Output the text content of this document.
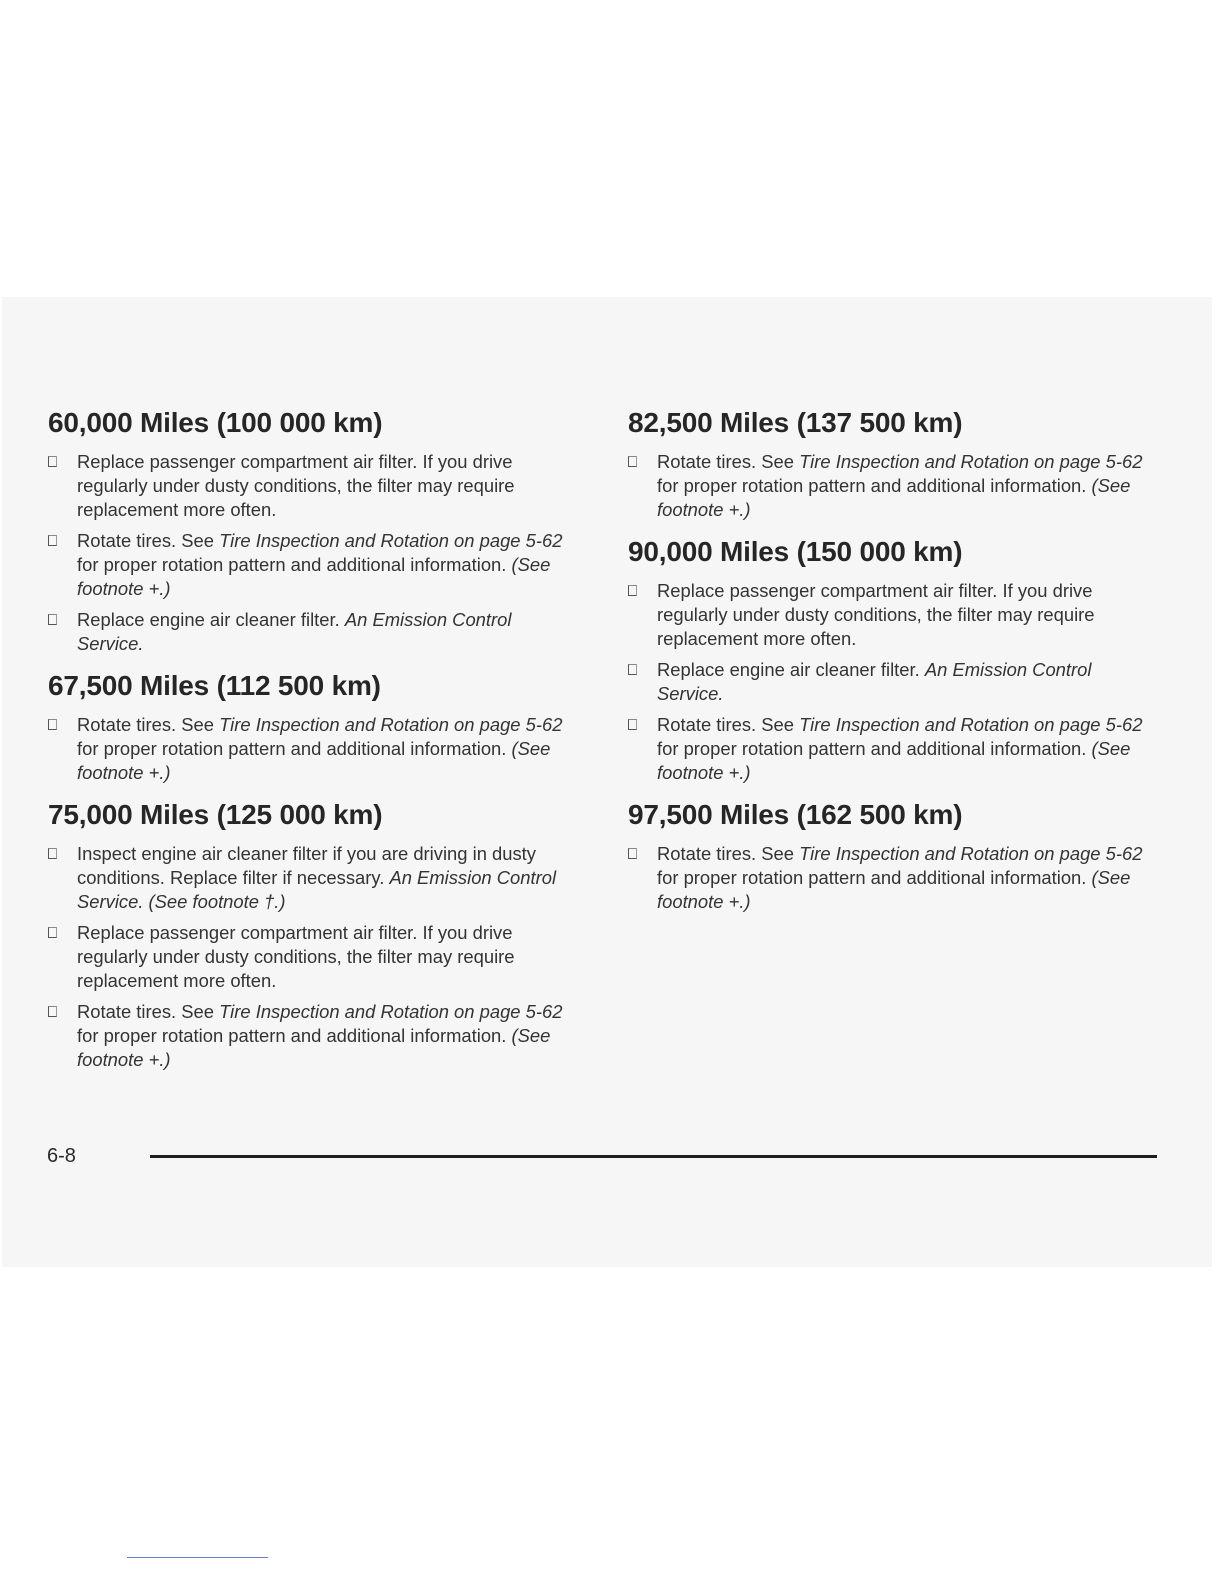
60,000 Miles (100 000 km)
Replace passenger compartment air filter. If you drive regularly under dusty conditions, the filter may require replacement more often.
Rotate tires. See Tire Inspection and Rotation on page 5-62 for proper rotation pattern and additional information. (See footnote +.)
Replace engine air cleaner filter. An Emission Control Service.
67,500 Miles (112 500 km)
Rotate tires. See Tire Inspection and Rotation on page 5-62 for proper rotation pattern and additional information. (See footnote +.)
75,000 Miles (125 000 km)
Inspect engine air cleaner filter if you are driving in dusty conditions. Replace filter if necessary. An Emission Control Service. (See footnote †.)
Replace passenger compartment air filter. If you drive regularly under dusty conditions, the filter may require replacement more often.
Rotate tires. See Tire Inspection and Rotation on page 5-62 for proper rotation pattern and additional information. (See footnote +.)
82,500 Miles (137 500 km)
Rotate tires. See Tire Inspection and Rotation on page 5-62 for proper rotation pattern and additional information. (See footnote +.)
90,000 Miles (150 000 km)
Replace passenger compartment air filter. If you drive regularly under dusty conditions, the filter may require replacement more often.
Replace engine air cleaner filter. An Emission Control Service.
Rotate tires. See Tire Inspection and Rotation on page 5-62 for proper rotation pattern and additional information. (See footnote +.)
97,500 Miles (162 500 km)
Rotate tires. See Tire Inspection and Rotation on page 5-62 for proper rotation pattern and additional information. (See footnote +.)
6-8
